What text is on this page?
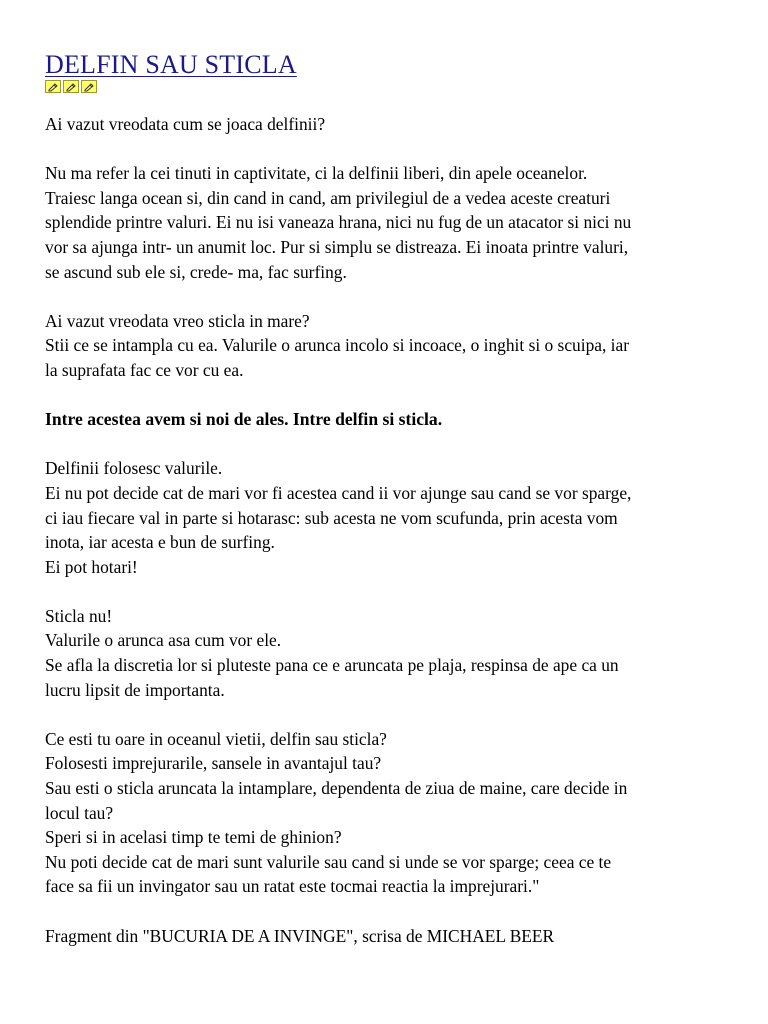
DELFIN SAU STICLA

Ai vazut vreodata cum se joaca delfinii?

Nu ma refer la cei tinuti in captivitate, ci la delfinii liberi, din apele oceanelor.
Traiesc langa ocean si, din cand in cand, am privilegiul de a vedea aceste creaturi
splendide printre valuri. Ei nu isi vaneaza hrana, nici nu fug de un atacator si nici nu
vor sa ajunga intr- un anumit loc. Pur si simplu se distreaza. Ei inoata printre valuri,
se ascund sub ele si, crede- ma, fac surfing.

Ai vazut vreodata vreo sticla in mare?
Stii ce se intampla cu ea. Valurile o arunca incolo si incoace, o inghit si o scuipa, iar
la suprafata fac ce vor cu ea.

Intre acestea avem si noi de ales. Intre delfin si sticla.

Delfinii folosesc valurile.
Ei nu pot decide cat de mari vor fi acestea cand ii vor ajunge sau cand se vor sparge,
ci iau fiecare val in parte si hotarasc: sub acesta ne vom scufunda, prin acesta vom
inota, iar acesta e bun de surfing.
Ei pot hotari!

Sticla nu!
Valurile o arunca asa cum vor ele.
Se afla la discretia lor si pluteste pana ce e aruncata pe plaja, respinsa de ape ca un
lucru lipsit de importanta.

Ce esti tu oare in oceanul vietii, delfin sau sticla?
Folosesti imprejurarile, sansele in avantajul tau?
Sau esti o sticla aruncata la intamplare, dependenta de ziua de maine, care decide in
locul tau?
Speri si in acelasi timp te temi de ghinion?
Nu poti decide cat de mari sunt valurile sau cand si unde se vor sparge; ceea ce te
face sa fii un invingator sau un ratat este tocmai reactia la imprejurari."

Fragment din "BUCURIA DE A INVINGE", scrisa de MICHAEL BEER
